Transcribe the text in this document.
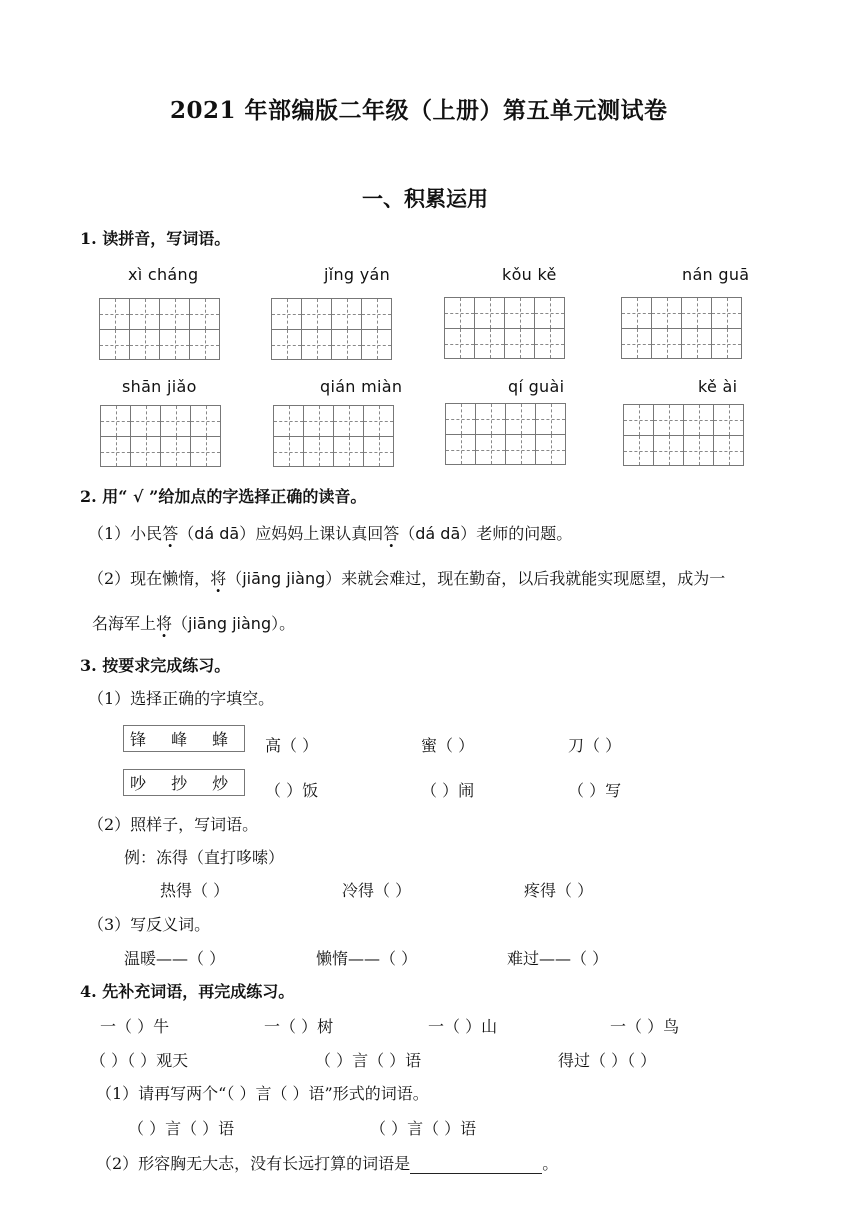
2021 年部编版二年级（上册）第五单元测试卷
一、积累运用
1. 读拼音，写词语。
xì cháng	jǐng yán	kǒu kě	nán guā
shān jiǎo	qián miàn	qí guài	kě ài
2. 用“ √ ”给加点的字选择正确的读音。
（1）小民答（dá dā）应妈妈上课认真回答（dá dā）老师的问题。
（2）现在懒惰，将（jiāng jiàng）来就会难过，现在勤奋，以后我就能实现愿望，成为一
名海军上将（jiāng jiàng）。
3. 按要求完成练习。
（1）选择正确的字填空。
锋 峰 蜂	高（ ）	蜜（ ）	刀（ ）
吵 抄 炒	（ ）饭	（ ）闹	（ ）写
（2）照样子，写词语。
例：冻得（直打哆嗦）
热得（ ）	冷得（ ）	疼得（ ）
（3）写反义词。
温暖——（ ）	懒惰——（ ）	难过——（ ）
4. 先补充词语，再完成练习。
一（ ）牛	一（ ）树	一（ ）山	一（ ）鸟
（ ）（ ）观天	（ ）言（ ）语	得过（ ）（ ）
（1）请再写两个“（ ）言（ ）语”形式的词语。
（ ）言（ ）语	（ ）言（ ）语
（2）形容胸无大志，没有长远打算的词语是	。
